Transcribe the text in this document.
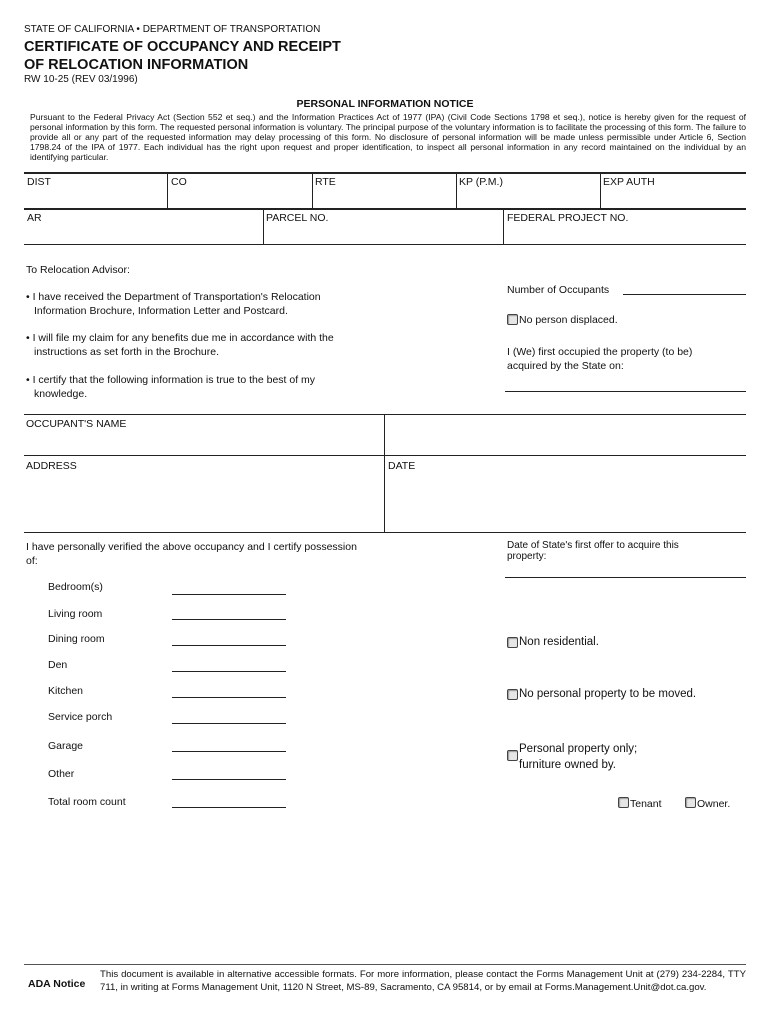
STATE OF CALIFORNIA • DEPARTMENT OF TRANSPORTATION
CERTIFICATE OF OCCUPANCY AND RECEIPT
OF RELOCATION INFORMATION
RW 10-25 (REV 03/1996)
PERSONAL INFORMATION NOTICE
Pursuant to the Federal Privacy Act (Section 552 et seq.) and the Information Practices Act of 1977 (IPA) (Civil Code Sections 1798 et seq.), notice is hereby given for the request of personal information by this form. The requested personal information is voluntary. The principal purpose of the voluntary information is to facilitate the processing of this form. The failure to provide all or any part of the requested information may delay processing of this form. No disclosure of personal information will be made unless permissible under Article 6, Section 1798.24 of the IPA of 1977. Each individual has the right upon request and proper identification, to inspect all personal information in any record maintained on the individual by an identifying particular.
DIST	CO	RTE	KP (P.M.)	EXP AUTH
AR	PARCEL NO.	FEDERAL PROJECT NO.
To Relocation Advisor:
• I have received the Department of Transportation's Relocation
Information Brochure, Information Letter and Postcard.
• I will file my claim for any benefits due me in accordance with the
instructions as set forth in the Brochure.
• I certify that the following information is true to the best of my
knowledge.
Number of Occupants
No person displaced.
I (We) first occupied the property (to be)
acquired by the State on:
OCCUPANT'S NAME
ADDRESS	DATE
I have personally verified the above occupancy and I certify possession
of:
Date of State's first offer to acquire this
property:
Bedroom(s)
Living room
Dining room
Den
Kitchen
Service porch
Garage
Other
Total room count
Non residential.
No personal property to be moved.
Personal property only;
furniture owned by.
Tenant	Owner.
ADA Notice
This document is available in alternative accessible formats. For more information, please contact the Forms Management Unit at (279) 234-2284, TTY 711, in writing at Forms Management Unit, 1120 N Street, MS-89, Sacramento, CA 95814, or by email at Forms.Management.Unit@dot.ca.gov.
